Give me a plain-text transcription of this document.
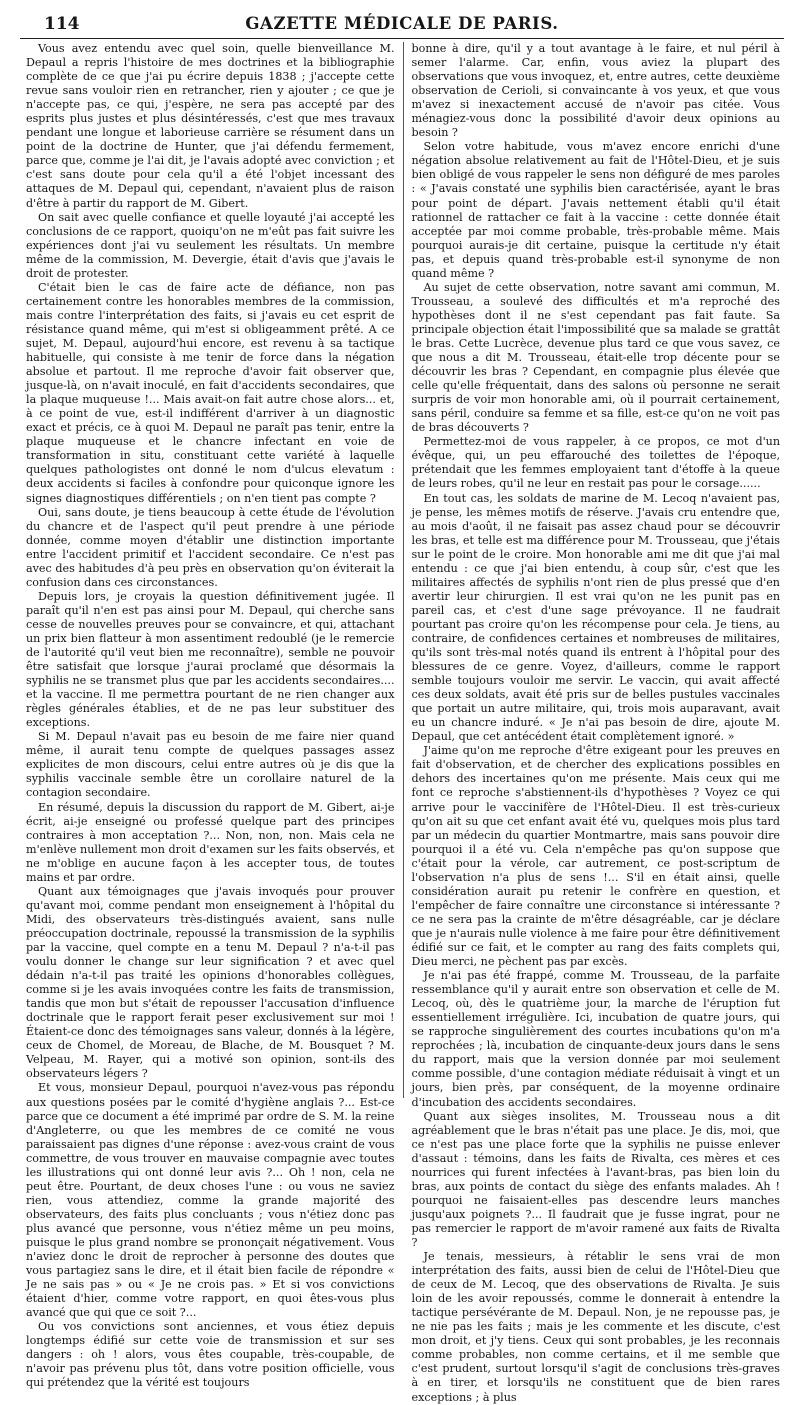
114	GAZETTE MÉDICALE DE PARIS.

Vous avez entendu avec quel soin, quelle bienveillance M. Depaul a repris l'histoire de mes doctrines et la bibliographie complète de ce que j'ai pu écrire depuis 1838 ; j'accepte cette revue sans vouloir rien en retrancher, rien y ajouter ; ce que je n'accepte pas, ce qui, j'espère, ne sera pas accepté par des esprits plus justes et plus désintéressés, c'est que mes travaux pendant une longue et laborieuse carrière se résument dans un point de la doctrine de Hunter, que j'ai défendu fermement, parce que, comme je l'ai dit, je l'avais adopté avec conviction ; et c'est sans doute pour cela qu'il a été l'objet incessant des attaques de M. Depaul qui, cependant, n'avaient plus de raison d'être à partir du rapport de M. Gibert.

On sait avec quelle confiance et quelle loyauté j'ai accepté les conclusions de ce rapport, quoiqu'on ne m'eût pas fait suivre les expériences dont j'ai vu seulement les résultats. Un membre même de la commission, M. Devergie, était d'avis que j'avais le droit de protester.

C'était bien le cas de faire acte de défiance, non pas certainement contre les honorables membres de la commission, mais contre l'interprétation des faits, si j'avais eu cet esprit de résistance quand même, qui m'est si obligeamment prêté. A ce sujet, M. Depaul, aujourd'hui encore, est revenu à sa tactique habituelle, qui consiste à me tenir de force dans la négation absolue et partout. Il me reproche d'avoir fait observer que, jusque-là, on n'avait inoculé, en fait d'accidents secondaires, que la plaque muqueuse !... Mais avait-on fait autre chose alors... et, à ce point de vue, est-il indifférent d'arriver à un diagnostic exact et précis, ce à quoi M. Depaul ne paraît pas tenir, entre la plaque muqueuse et le chancre infectant en voie de transformation in situ, constituant cette variété à laquelle quelques pathologistes ont donné le nom d'ulcus elevatum : deux accidents si faciles à confondre pour quiconque ignore les signes diagnostiques différentiels ; on n'en tient pas compte ?

Oui, sans doute, je tiens beaucoup à cette étude de l'évolution du chancre et de l'aspect qu'il peut prendre à une période donnée, comme moyen d'établir une distinction importante entre l'accident primitif et l'accident secondaire. Ce n'est pas avec des habitudes d'à peu près en observation qu'on éviterait la confusion dans ces circonstances.

Depuis lors, je croyais la question définitivement jugée. Il paraît qu'il n'en est pas ainsi pour M. Depaul, qui cherche sans cesse de nouvelles preuves pour se convaincre, et qui, attachant un prix bien flatteur à mon assentiment redoublé (je le remercie de l'autorité qu'il veut bien me reconnaître), semble ne pouvoir être satisfait que lorsque j'aurai proclamé que désormais la syphilis ne se transmet plus que par les accidents secondaires.... et la vaccine. Il me permettra pourtant de ne rien changer aux règles générales établies, et de ne pas leur substituer des exceptions.

Si M. Depaul n'avait pas eu besoin de me faire nier quand même, il aurait tenu compte de quelques passages assez explicites de mon discours, celui entre autres où je dis que la syphilis vaccinale semble être un corollaire naturel de la contagion secondaire.

En résumé, depuis la discussion du rapport de M. Gibert, ai-je écrit, ai-je enseigné ou professé quelque part des principes contraires à mon acceptation ?... Non, non, non. Mais cela ne m'enlève nullement mon droit d'examen sur les faits observés, et ne m'oblige en aucune façon à les accepter tous, de toutes mains et par ordre.

Quant aux témoignages que j'avais invoqués pour prouver qu'avant moi, comme pendant mon enseignement à l'hôpital du Midi, des observateurs très-distingués avaient, sans nulle préoccupation doctrinale, repoussé la transmission de la syphilis par la vaccine, quel compte en a tenu M. Depaul ? n'a-t-il pas voulu donner le change sur leur signification ? et avec quel dédain n'a-t-il pas traité les opinions d'honorables collègues, comme si je les avais invoquées contre les faits de transmission, tandis que mon but s'était de repousser l'accusation d'influence doctrinale que le rapport ferait peser exclusivement sur moi ! Étaient-ce donc des témoignages sans valeur, donnés à la légère, ceux de Chomel, de Moreau, de Blache, de M. Bousquet ? M. Velpeau, M. Rayer, qui a motivé son opinion, sont-ils des observateurs légers ?

Et vous, monsieur Depaul, pourquoi n'avez-vous pas répondu aux questions posées par le comité d'hygiène anglais ?... Est-ce parce que ce document a été imprimé par ordre de S. M. la reine d'Angleterre, ou que les membres de ce comité ne vous paraissaient pas dignes d'une réponse : avez-vous craint de vous commettre, de vous trouver en mauvaise compagnie avec toutes les illustrations qui ont donné leur avis ?... Oh ! non, cela ne peut être. Pourtant, de deux choses l'une : ou vous ne saviez rien, vous attendiez, comme la grande majorité des observateurs, des faits plus concluants ; vous n'étiez donc pas plus avancé que personne, vous n'étiez même un peu moins, puisque le plus grand nombre se prononçait négativement. Vous n'aviez donc le droit de reprocher à personne des doutes que vous partagiez sans le dire, et il était bien facile de répondre « Je ne sais pas » ou « Je ne crois pas. » Et si vos convictions étaient d'hier, comme votre rapport, en quoi êtes-vous plus avancé que qui que ce soit ?...

Ou vos convictions sont anciennes, et vous étiez depuis longtemps édifié sur cette voie de transmission et sur ses dangers : oh ! alors, vous êtes coupable, très-coupable, de n'avoir pas prévenu plus tôt, dans votre position officielle, vous qui prétendez que la vérité est toujours

bonne à dire, qu'il y a tout avantage à le faire, et nul péril à semer l'alarme. Car, enfin, vous aviez la plupart des observations que vous invoquez, et, entre autres, cette deuxième observation de Cerioli, si convaincante à vos yeux, et que vous m'avez si inexactement accusé de n'avoir pas citée. Vous ménagiez-vous donc la possibilité d'avoir deux opinions au besoin ?

Selon votre habitude, vous m'avez encore enrichi d'une négation absolue relativement au fait de l'Hôtel-Dieu, et je suis bien obligé de vous rappeler le sens non défiguré de mes paroles : « J'avais constaté une syphilis bien caractérisée, ayant le bras pour point de départ. J'avais nettement établi qu'il était rationnel de rattacher ce fait à la vaccine : cette donnée était acceptée par moi comme probable, très-probable même. Mais pourquoi aurais-je dit certaine, puisque la certitude n'y était pas, et depuis quand très-probable est-il synonyme de non quand même ?

Au sujet de cette observation, notre savant ami commun, M. Trousseau, a soulevé des difficultés et m'a reproché des hypothèses dont il ne s'est cependant pas fait faute. Sa principale objection était l'impossibilité que sa malade se grattât le bras. Cette Lucrèce, devenue plus tard ce que vous savez, ce que nous a dit M. Trousseau, était-elle trop décente pour se découvrir les bras ? Cependant, en compagnie plus élevée que celle qu'elle fréquentait, dans des salons où personne ne serait surpris de voir mon honorable ami, où il pourrait certainement, sans péril, conduire sa femme et sa fille, est-ce qu'on ne voit pas de bras découverts ?

Permettez-moi de vous rappeler, à ce propos, ce mot d'un évêque, qui, un peu effarouché des toilettes de l'époque, prétendait que les femmes employaient tant d'étoffe à la queue de leurs robes, qu'il ne leur en restait pas pour le corsage......

En tout cas, les soldats de marine de M. Lecoq n'avaient pas, je pense, les mêmes motifs de réserve. J'avais cru entendre que, au mois d'août, il ne faisait pas assez chaud pour se découvrir les bras, et telle est ma différence pour M. Trousseau, que j'étais sur le point de le croire. Mon honorable ami me dit que j'ai mal entendu : ce que j'ai bien entendu, à coup sûr, c'est que les militaires affectés de syphilis n'ont rien de plus pressé que d'en avertir leur chirurgien. Il est vrai qu'on ne les punit pas en pareil cas, et c'est d'une sage prévoyance. Il ne faudrait pourtant pas croire qu'on les récompense pour cela. Je tiens, au contraire, de confidences certaines et nombreuses de militaires, qu'ils sont très-mal notés quand ils entrent à l'hôpital pour des blessures de ce genre. Voyez, d'ailleurs, comme le rapport semble toujours vouloir me servir. Le vaccin, qui avait affecté ces deux soldats, avait été pris sur de belles pustules vaccinales que portait un autre militaire, qui, trois mois auparavant, avait eu un chancre induré. « Je n'ai pas besoin de dire, ajoute M. Depaul, que cet antécédent était complètement ignoré. »

J'aime qu'on me reproche d'être exigeant pour les preuves en fait d'observation, et de chercher des explications possibles en dehors des incertaines qu'on me présente. Mais ceux qui me font ce reproche s'abstiennent-ils d'hypothèses ? Voyez ce qui arrive pour le vaccinifère de l'Hôtel-Dieu. Il est très-curieux qu'on ait su que cet enfant avait été vu, quelques mois plus tard par un médecin du quartier Montmartre, mais sans pouvoir dire pourquoi il a été vu. Cela n'empêche pas qu'on suppose que c'était pour la vérole, car autrement, ce post-scriptum de l'observation n'a plus de sens !... S'il en était ainsi, quelle considération aurait pu retenir le confrère en question, et l'empêcher de faire connaître une circonstance si intéressante ? ce ne sera pas la crainte de m'être désagréable, car je déclare que je n'aurais nulle violence à me faire pour être définitivement édifié sur ce fait, et le compter au rang des faits complets qui, Dieu merci, ne pèchent pas par excès.

Je n'ai pas été frappé, comme M. Trousseau, de la parfaite ressemblance qu'il y aurait entre son observation et celle de M. Lecoq, où, dès le quatrième jour, la marche de l'éruption fut essentiellement irrégulière. Ici, incubation de quatre jours, qui se rapproche singulièrement des courtes incubations qu'on m'a reprochées ; là, incubation de cinquante-deux jours dans le sens du rapport, mais que la version donnée par moi seulement comme possible, d'une contagion médiate réduisait à vingt et un jours, bien près, par conséquent, de la moyenne ordinaire d'incubation des accidents secondaires.

Quant aux sièges insolites, M. Trousseau nous a dit agréablement que le bras n'était pas une place. Je dis, moi, que ce n'est pas une place forte que la syphilis ne puisse enlever d'assaut : témoins, dans les faits de Rivalta, ces mères et ces nourrices qui furent infectées à l'avant-bras, pas bien loin du bras, aux points de contact du siège des enfants malades. Ah ! pourquoi ne faisaient-elles pas descendre leurs manches jusqu'aux poignets ?... Il faudrait que je fusse ingrat, pour ne pas remercier le rapport de m'avoir ramené aux faits de Rivalta ?

Je tenais, messieurs, à rétablir le sens vrai de mon interprétation des faits, aussi bien de celui de l'Hôtel-Dieu que de ceux de M. Lecoq, que des observations de Rivalta. Je suis loin de les avoir repoussés, comme le donnerait à entendre la tactique persévérante de M. Depaul. Non, je ne repousse pas, je ne nie pas les faits ; mais je les commente et les discute, c'est mon droit, et j'y tiens. Ceux qui sont probables, je les reconnais comme probables, non comme certains, et il me semble que c'est prudent, surtout lorsqu'il s'agit de conclusions très-graves à en tirer, et lorsqu'ils ne constituent que de bien rares exceptions ; à plus
